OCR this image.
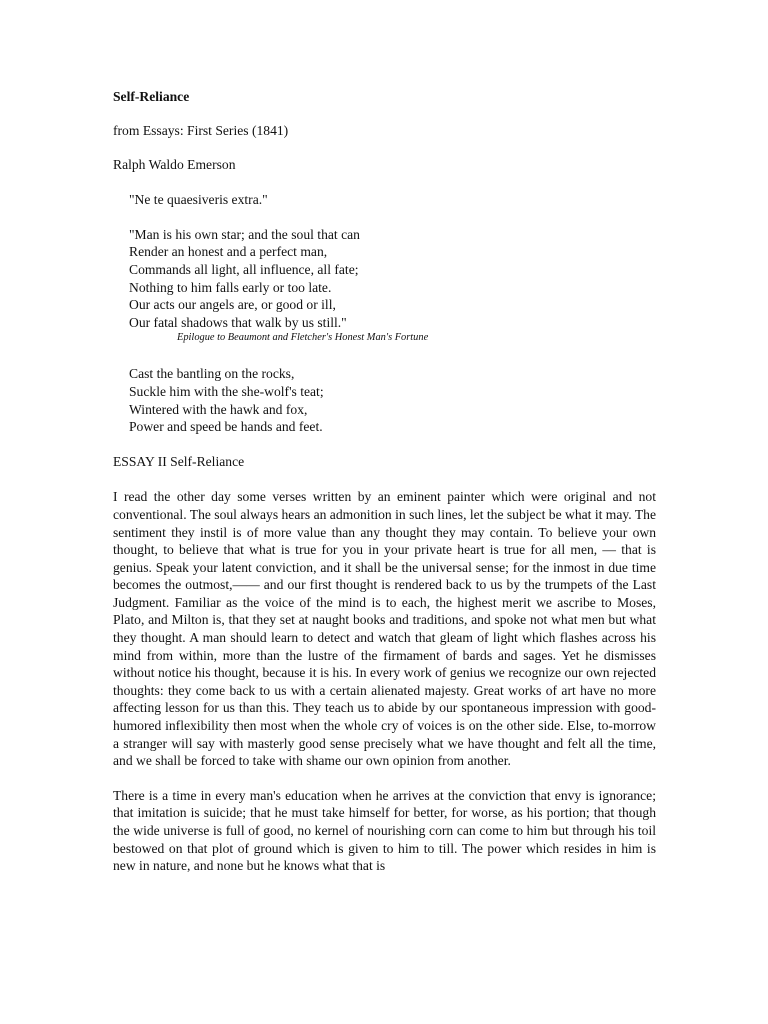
Self-Reliance

from Essays: First Series (1841)

Ralph Waldo Emerson

"Ne te quaesiveris extra."

"Man is his own star; and the soul that can
Render an honest and a perfect man,
Commands all light, all influence, all fate;
Nothing to him falls early or too late.
Our acts our angels are, or good or ill,
Our fatal shadows that walk by us still."
Epilogue to Beaumont and Fletcher's Honest Man's Fortune
Cast the bantling on the rocks,
Suckle him with the she-wolf's teat;
Wintered with the hawk and fox,
Power and speed be hands and feet.

ESSAY II Self-Reliance

I read the other day some verses written by an eminent painter which were original and not conventional. The soul always hears an admonition in such lines, let the subject be what it may. The sentiment they instil is of more value than any thought they may contain. To believe your own thought, to believe that what is true for you in your private heart is true for all men, — that is genius. Speak your latent conviction, and it shall be the universal sense; for the inmost in due time becomes the outmost,—— and our first thought is rendered back to us by the trumpets of the Last Judgment. Familiar as the voice of the mind is to each, the highest merit we ascribe to Moses, Plato, and Milton is, that they set at naught books and traditions, and spoke not what men but what they thought. A man should learn to detect and watch that gleam of light which flashes across his mind from within, more than the lustre of the firmament of bards and sages. Yet he dismisses without notice his thought, because it is his. In every work of genius we recognize our own rejected thoughts: they come back to us with a certain alienated majesty. Great works of art have no more affecting lesson for us than this. They teach us to abide by our spontaneous impression with good-humored inflexibility then most when the whole cry of voices is on the other side. Else, to-morrow a stranger will say with masterly good sense precisely what we have thought and felt all the time, and we shall be forced to take with shame our own opinion from another.

There is a time in every man's education when he arrives at the conviction that envy is ignorance; that imitation is suicide; that he must take himself for better, for worse, as his portion; that though the wide universe is full of good, no kernel of nourishing corn can come to him but through his toil bestowed on that plot of ground which is given to him to till. The power which resides in him is new in nature, and none but he knows what that is
